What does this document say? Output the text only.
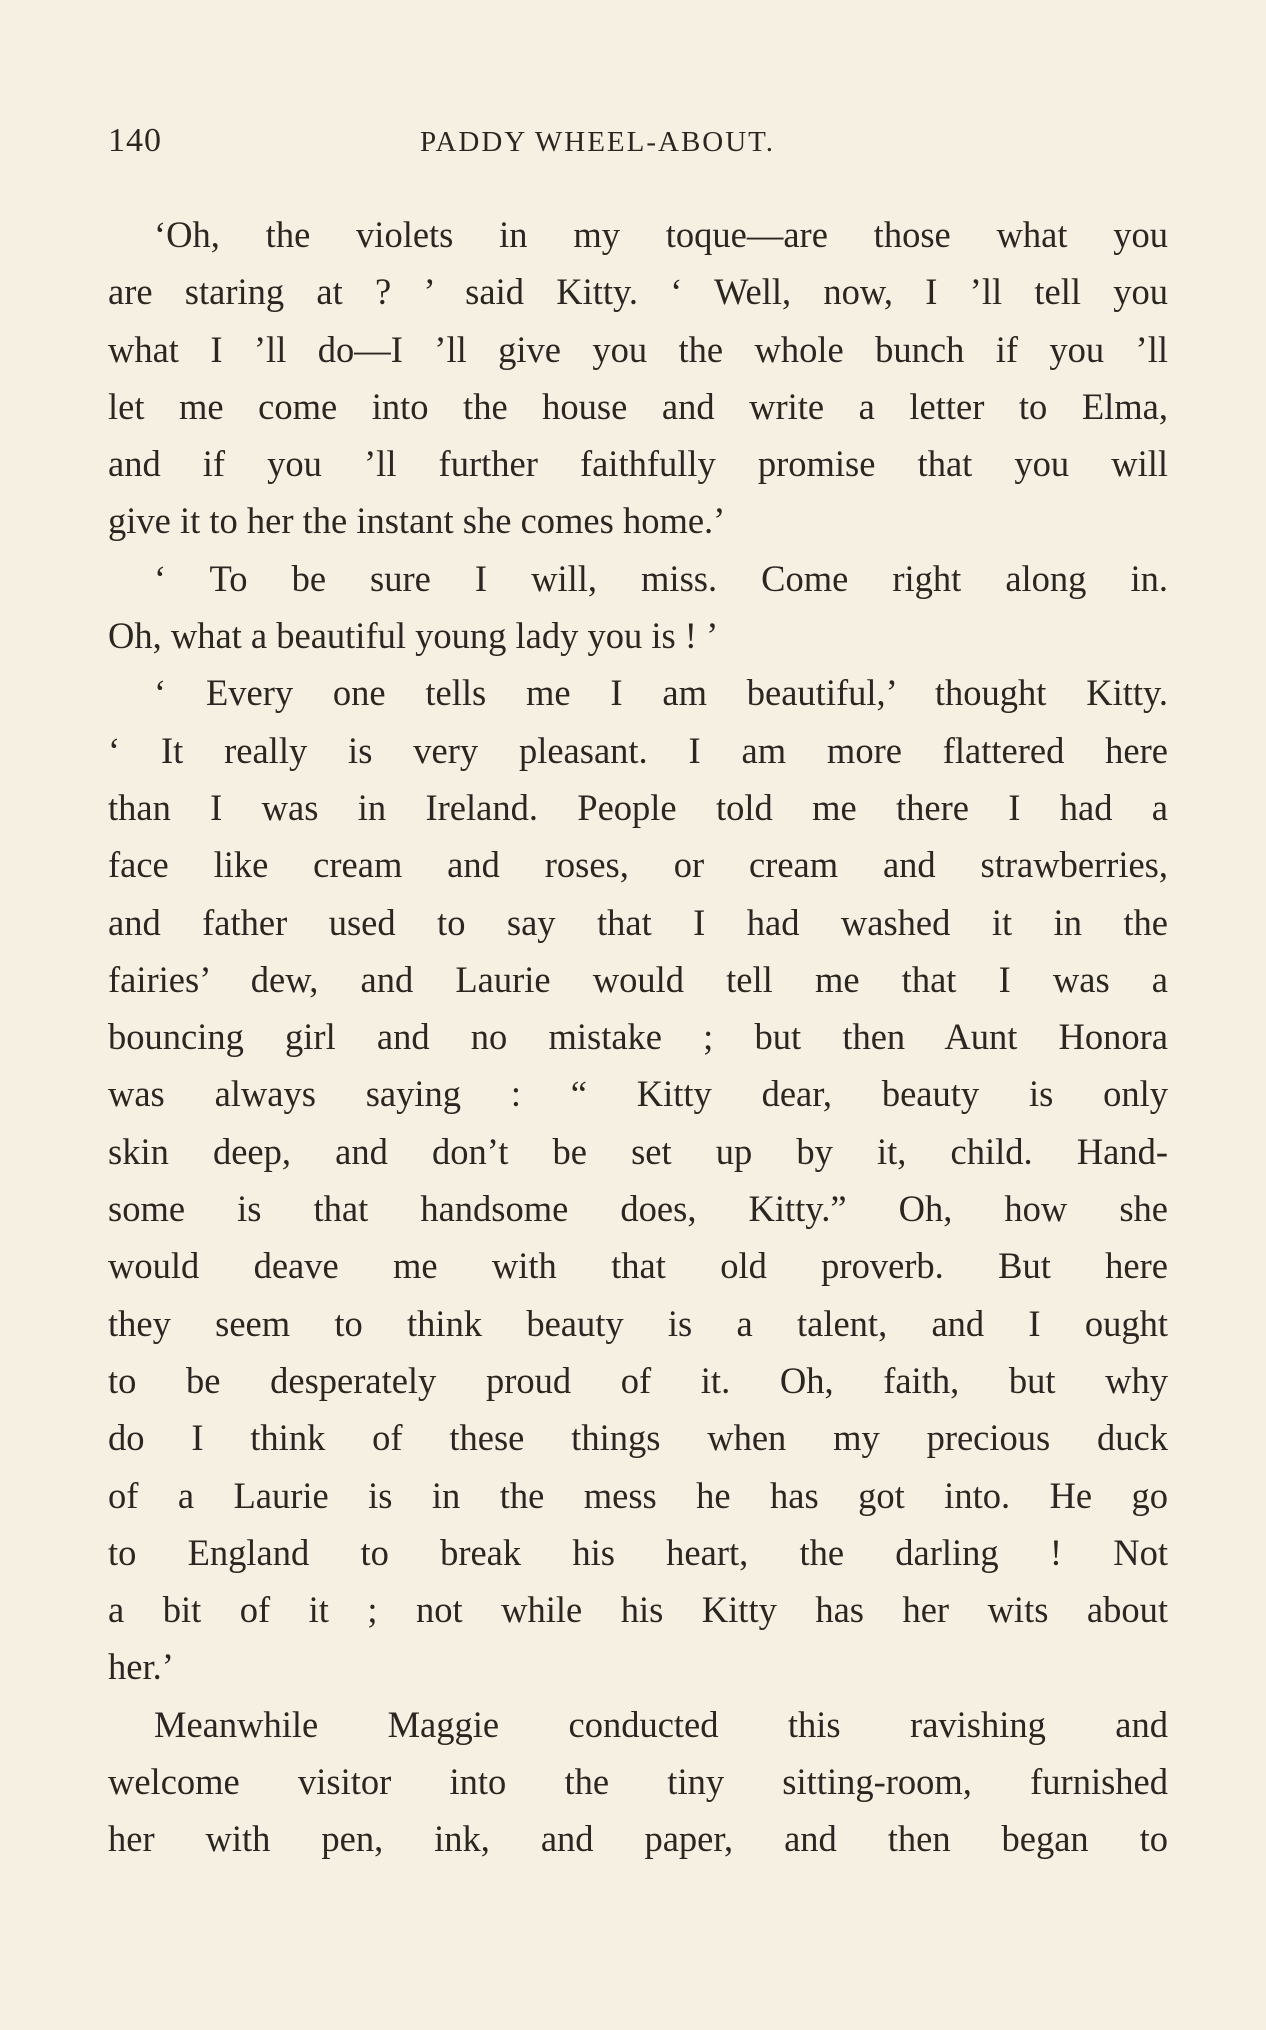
140	PADDY WHEEL-ABOUT.
‘Oh, the violets in my toque—are those what you
are staring at ? ’ said Kitty. ‘ Well, now, I ’ll tell you
what I ’ll do—I ’ll give you the whole bunch if you ’ll
let me come into the house and write a letter to Elma,
and if you ’ll further faithfully promise that you will
give it to her the instant she comes home.’
‘ To be sure I will, miss. Come right along in.
Oh, what a beautiful young lady you is ! ’
‘ Every one tells me I am beautiful,’ thought Kitty.
‘ It really is very pleasant. I am more flattered here
than I was in Ireland. People told me there I had a
face like cream and roses, or cream and strawberries,
and father used to say that I had washed it in the
fairies’ dew, and Laurie would tell me that I was a
bouncing girl and no mistake ; but then Aunt Honora
was always saying : “ Kitty dear, beauty is only
skin deep, and don’t be set up by it, child. Hand-
some is that handsome does, Kitty.” Oh, how she
would deave me with that old proverb. But here
they seem to think beauty is a talent, and I ought
to be desperately proud of it. Oh, faith, but why
do I think of these things when my precious duck
of a Laurie is in the mess he has got into. He go
to England to break his heart, the darling ! Not
a bit of it ; not while his Kitty has her wits about
her.’
Meanwhile Maggie conducted this ravishing and
welcome visitor into the tiny sitting-room, furnished
her with pen, ink, and paper, and then began to
